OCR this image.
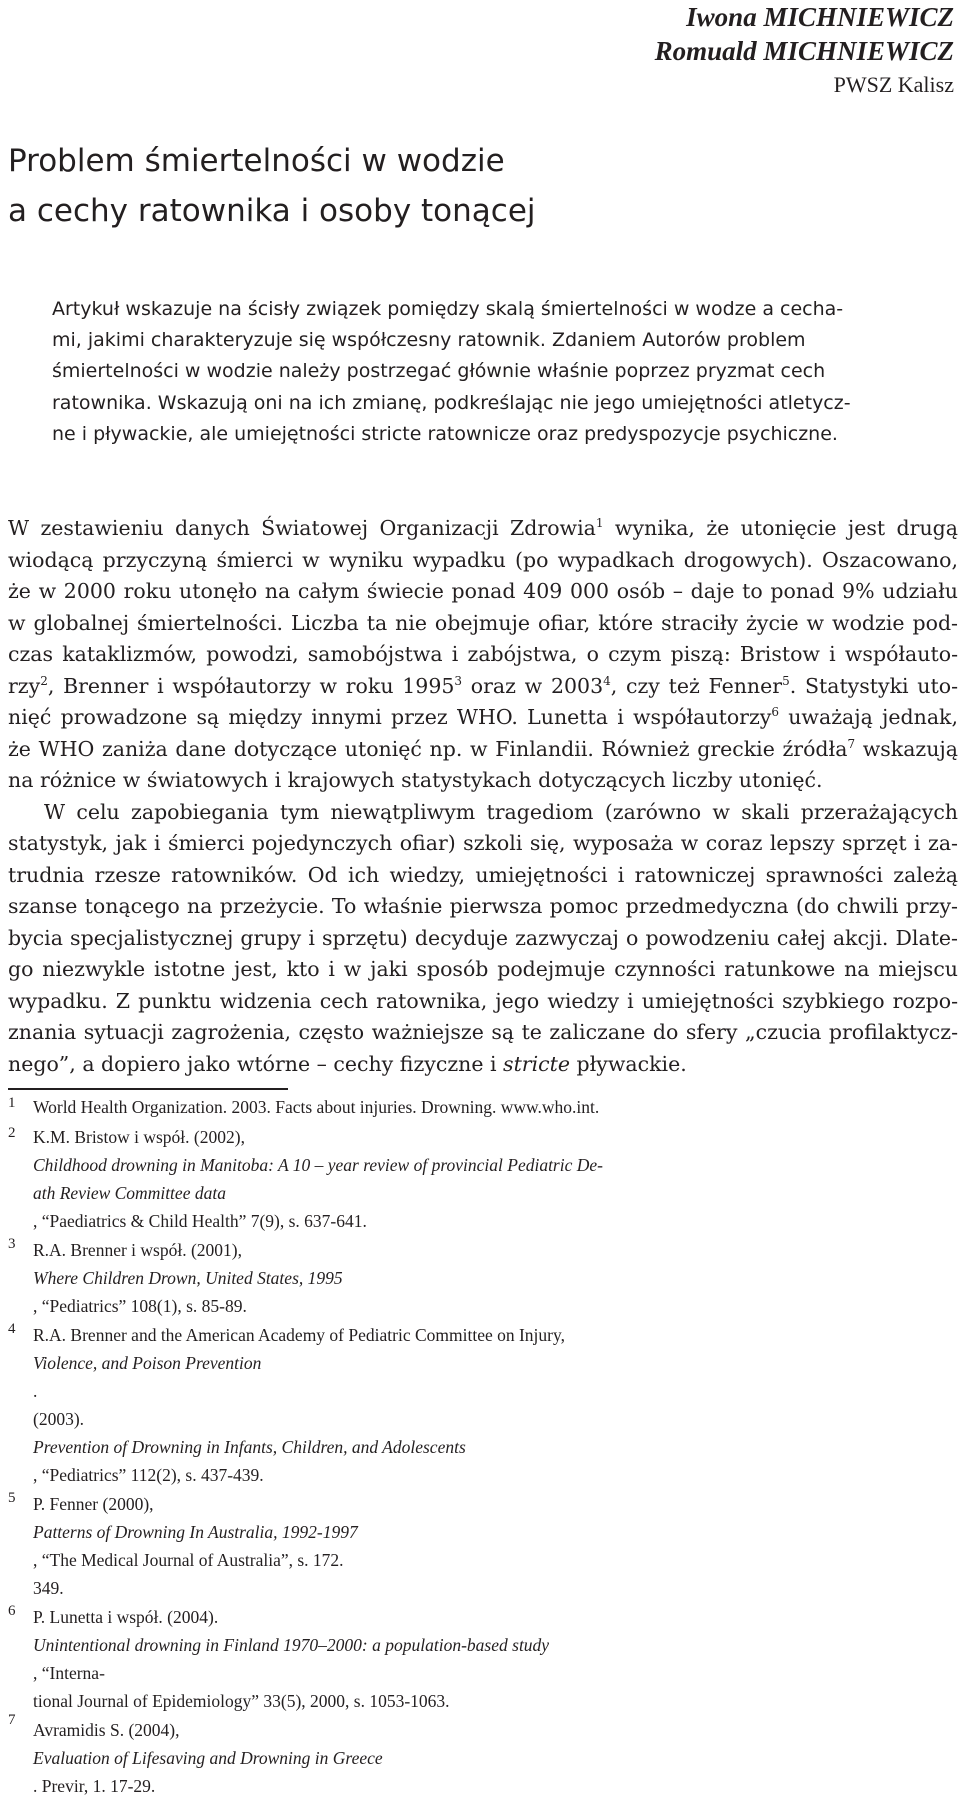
Iwona MICHNIEWICZ
Romuald MICHNIEWICZ
PWSZ Kalisz
Problem śmiertelności w wodzie
a cechy ratownika i osoby tonącej
Artykuł wskazuje na ścisły związek pomiędzy skalą śmiertelności w wodze a cecha-
mi, jakimi charakteryzuje się współczesny ratownik. Zdaniem Autorów problem
śmiertelności w wodzie należy postrzegać głównie właśnie poprzez pryzmat cech
ratownika. Wskazują oni na ich zmianę, podkreślając nie jego umiejętności atletycz-
ne i pływackie, ale umiejętności stricte ratownicze oraz predyspozycje psychiczne.
W zestawieniu danych Światowej Organizacji Zdrowia$^1$ wynika, że utonięcie jest drugą
wiodącą przyczyną śmierci w wyniku wypadku (po wypadkach drogowych). Oszacowano,
że w 2000 roku utonęło na całym świecie ponad 409 000 osób – daje to ponad 9% udziału
w globalnej śmiertelności. Liczba ta nie obejmuje ofiar, które straciły życie w wodzie pod-
czas kataklizmów, powodzi, samobójstwa i zabójstwa, o czym piszą: Bristow i współauto-
rzy$^2$, Brenner i współautorzy w roku 1995$^3$ oraz w 2003$^4$, czy też Fenner$^5$. Statystyki uto-
nięć prowadzone są między innymi przez WHO. Lunetta i współautorzy$^6$ uważają jednak,
że WHO zaniża dane dotyczące utonięć np. w Finlandii. Również greckie źródła$^7$ wskazują
na różnice w światowych i krajowych statystykach dotyczących liczby utonięć.
W celu zapobiegania tym niewątpliwym tragediom (zarówno w skali przerażających
statystyk, jak i śmierci pojedynczych ofiar) szkoli się, wyposaża w coraz lepszy sprzęt i za-
trudnia rzesze ratowników. Od ich wiedzy, umiejętności i ratowniczej sprawności zależą
szanse tonącego na przeżycie. To właśnie pierwsza pomoc przedmedyczna (do chwili przy-
bycia specjalistycznej grupy i sprzętu) decyduje zazwyczaj o powodzeniu całej akcji. Dlate-
go niezwykle istotne jest, kto i w jaki sposób podejmuje czynności ratunkowe na miejscu
wypadku. Z punktu widzenia cech ratownika, jego wiedzy i umiejętności szybkiego rozpo-
znania sytuacji zagrożenia, często ważniejsze są te zaliczane do sfery „czucia profilaktycz-
nego”, a dopiero jako wtórne – cechy fizyczne i stricte pływackie.
1 World Health Organization. 2003. Facts about injuries. Drowning. www.who.int.
2 K.M. Bristow i współ. (2002),
Childhood drowning in Manitoba: A 10 – year review of provincial Pediatric De-
ath Review Committee data
, “Paediatrics & Child Health” 7(9), s. 637-641.
3 R.A. Brenner i współ. (2001),
Where Children Drown, United States, 1995
, “Pediatrics” 108(1), s. 85-89.
4 R.A. Brenner and the American Academy of Pediatric Committee on Injury,
Violence, and Poison Prevention
.
(2003).
Prevention of Drowning in Infants, Children, and Adolescents
, “Pediatrics” 112(2), s. 437-439.
5 P. Fenner (2000),
Patterns of Drowning In Australia, 1992-1997
, “The Medical Journal of Australia”, s. 172.
349.
6 P. Lunetta i współ. (2004).
Unintentional drowning in Finland 1970–2000: a population-based study
, “Interna-
tional Journal of Epidemiology” 33(5), 2000, s. 1053-1063.
7 Avramidis S. (2004),
Evaluation of Lifesaving and Drowning in Greece
. Previr, 1. 17-29.
